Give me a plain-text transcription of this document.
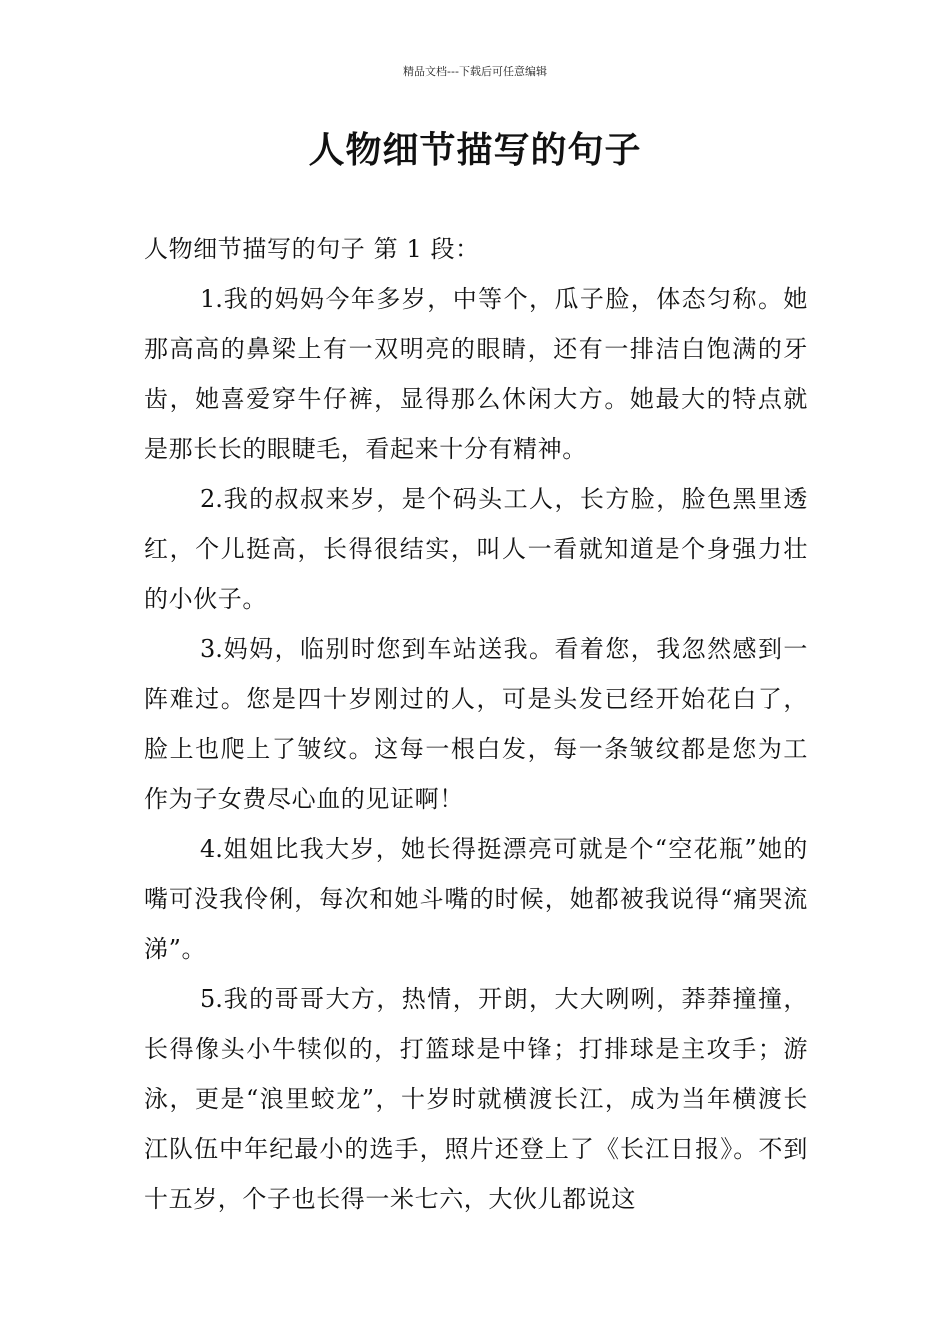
精品文档---下载后可任意编辑
人物细节描写的句子

人物细节描写的句子 第 1 段：

1.我的妈妈今年多岁，中等个，瓜子脸，体态匀称。她那高高的鼻梁上有一双明亮的眼睛，还有一排洁白饱满的牙齿，她喜爱穿牛仔裤，显得那么休闲大方。她最大的特点就是那长长的眼睫毛，看起来十分有精神。

2.我的叔叔来岁，是个码头工人，长方脸，脸色黑里透红，个儿挺高，长得很结实，叫人一看就知道是个身强力壮的小伙子。

3.妈妈，临别时您到车站送我。看着您，我忽然感到一阵难过。您是四十岁刚过的人，可是头发已经开始花白了，脸上也爬上了皱纹。这每一根白发，每一条皱纹都是您为工作为子女费尽心血的见证啊！

4.姐姐比我大岁，她长得挺漂亮可就是个“空花瓶”她的嘴可没我伶俐，每次和她斗嘴的时候，她都被我说得“痛哭流涕”。

5.我的哥哥大方，热情，开朗，大大咧咧，莽莽撞撞，长得像头小牛犊似的，打篮球是中锋；打排球是主攻手；游泳，更是“浪里蛟龙”，十岁时就横渡长江，成为当年横渡长江队伍中年纪最小的选手，照片还登上了《长江日报》。不到十五岁，个子也长得一米七六，大伙儿都说这
